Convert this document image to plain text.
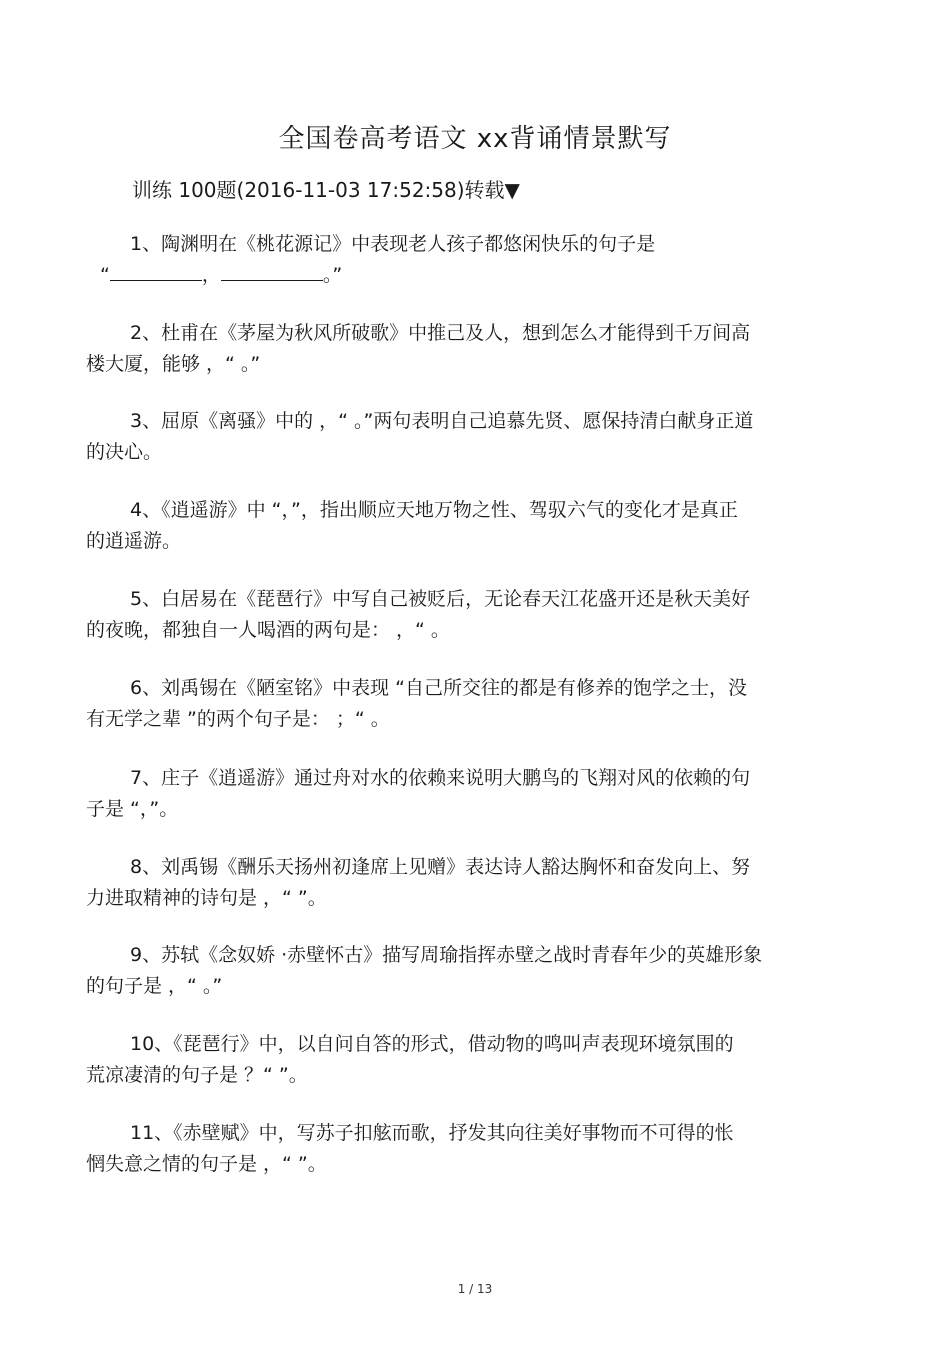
全国卷高考语文 xx背诵情景默写
训练 100题(2016-11-03 17:52:58)转载▼
1、陶渊明在《桃花源记》中表现老人孩子都悠闲快乐的句子是
“	，	。”
2、杜甫在《茅屋为秋风所破歌》中推己及人，想到怎么才能得到千万间高
楼大厦，能够 ，“ 。”
3、屈原《离骚》中的 ，“ 。”两句表明自己追慕先贤、愿保持清白献身正道
的决心。
4、《逍遥游》中 “，”，指出顺应天地万物之性、驾驭六气的变化才是真正
的逍遥游。
5、白居易在《琵琶行》中写自己被贬后，无论春天江花盛开还是秋天美好
的夜晚，都独自一人喝酒的两句是： ，“ 。
6、刘禹锡在《陋室铭》中表现 “自己所交往的都是有修养的饱学之士，没
有无学之辈 ”的两个句子是： ；“ 。
7、庄子《逍遥游》通过舟对水的依赖来说明大鹏鸟的飞翔对风的依赖的句
子是 “，”。
8、刘禹锡《酬乐天扬州初逢席上见赠》表达诗人豁达胸怀和奋发向上、努
力进取精神的诗句是 ，“ ”。
9、苏轼《念奴娇 ·赤壁怀古》描写周瑜指挥赤壁之战时青春年少的英雄形象
的句子是 ，“ 。”
10、《琵琶行》中，以自问自答的形式，借动物的鸣叫声表现环境氛围的
荒凉凄清的句子是 ？“ ”。
11、《赤壁赋》中，写苏子扣舷而歌，抒发其向往美好事物而不可得的怅
惘失意之情的句子是 ，“ ”。
1 / 13
